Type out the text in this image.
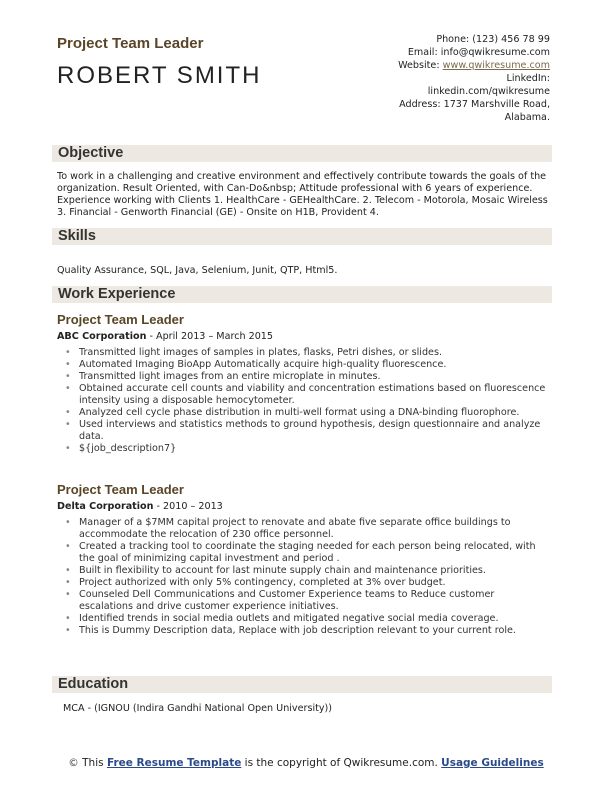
Project Team Leader
ROBERT SMITH
Phone: (123) 456 78 99
Email: info@qwikresume.com
Website: www.qwikresume.com
LinkedIn:
linkedin.com/qwikresume
Address: 1737 Marshville Road,
Alabama.
Objective
To work in a challenging and creative environment and effectively contribute towards the goals of the organization. Result Oriented, with Can-Do&nbsp; Attitude professional with 6 years of experience. Experience working with Clients 1. HealthCare - GEHealthCare. 2. Telecom - Motorola, Mosaic Wireless 3. Financial - Genworth Financial (GE) - Onsite on H1B, Provident 4.
Skills
Quality Assurance, SQL, Java, Selenium, Junit, QTP, Html5.
Work Experience
Project Team Leader
ABC Corporation - April 2013 – March 2015
• Transmitted light images of samples in plates, flasks, Petri dishes, or slides.
• Automated Imaging BioApp Automatically acquire high-quality fluorescence.
• Transmitted light images from an entire microplate in minutes.
• Obtained accurate cell counts and viability and concentration estimations based on fluorescence intensity using a disposable hemocytometer.
• Analyzed cell cycle phase distribution in multi-well format using a DNA-binding fluorophore.
• Used interviews and statistics methods to ground hypothesis, design questionnaire and analyze data.
• ${job_description7}
Project Team Leader
Delta Corporation - 2010 – 2013
• Manager of a $7MM capital project to renovate and abate five separate office buildings to accommodate the relocation of 230 office personnel.
• Created a tracking tool to coordinate the staging needed for each person being relocated, with the goal of minimizing capital investment and period .
• Built in flexibility to account for last minute supply chain and maintenance priorities.
• Project authorized with only 5% contingency, completed at 3% over budget.
• Counseled Dell Communications and Customer Experience teams to Reduce customer escalations and drive customer experience initiatives.
• Identified trends in social media outlets and mitigated negative social media coverage.
• This is Dummy Description data, Replace with job description relevant to your current role.
Education
MCA - (IGNOU (Indira Gandhi National Open University))
© This Free Resume Template is the copyright of Qwikresume.com. Usage Guidelines
